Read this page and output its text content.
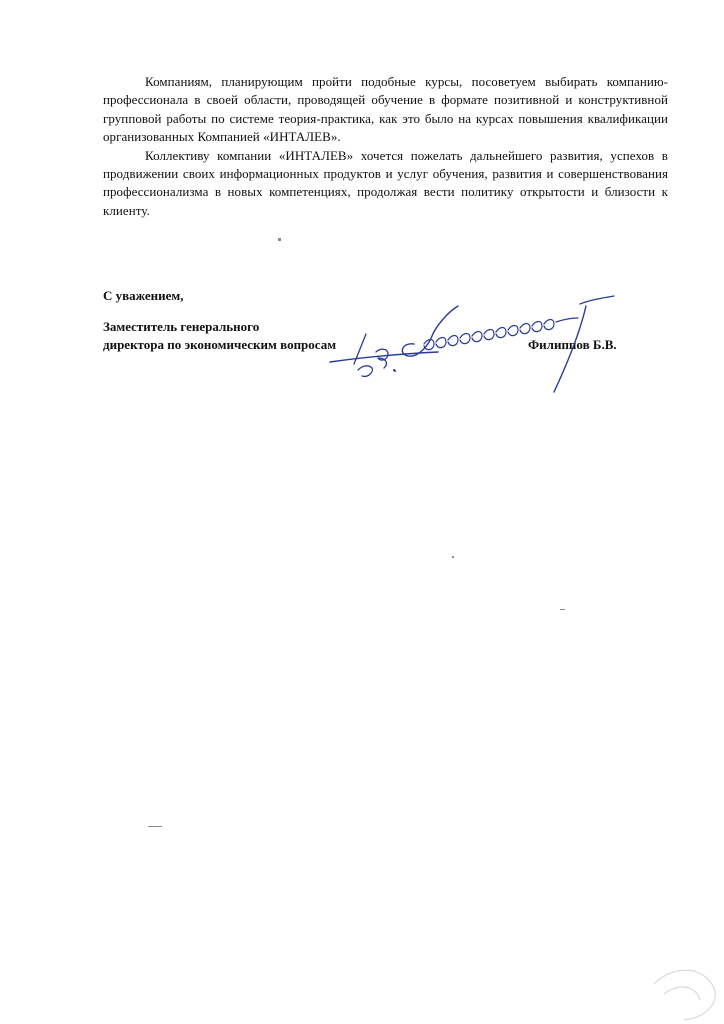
Компаниям, планирующим пройти подобные курсы, посоветуем выбирать компанию-профессионала в своей области, проводящей обучение в формате позитивной и конструктивной групповой работы по системе теория-практика, как это было на курсах повышения квалификации организованных Компанией «ИНТАЛЕВ».

Коллективу компании «ИНТАЛЕВ» хочется пожелать дальнейшего развития, успехов в продвижении своих информационных продуктов и услуг обучения, развития и совершенствования профессионализма в новых компетенциях, продолжая вести политику открытости и близости к клиенту.

С уважением,
Заместитель генерального
директора по экономическим вопросам	Филиппов Б.В.
